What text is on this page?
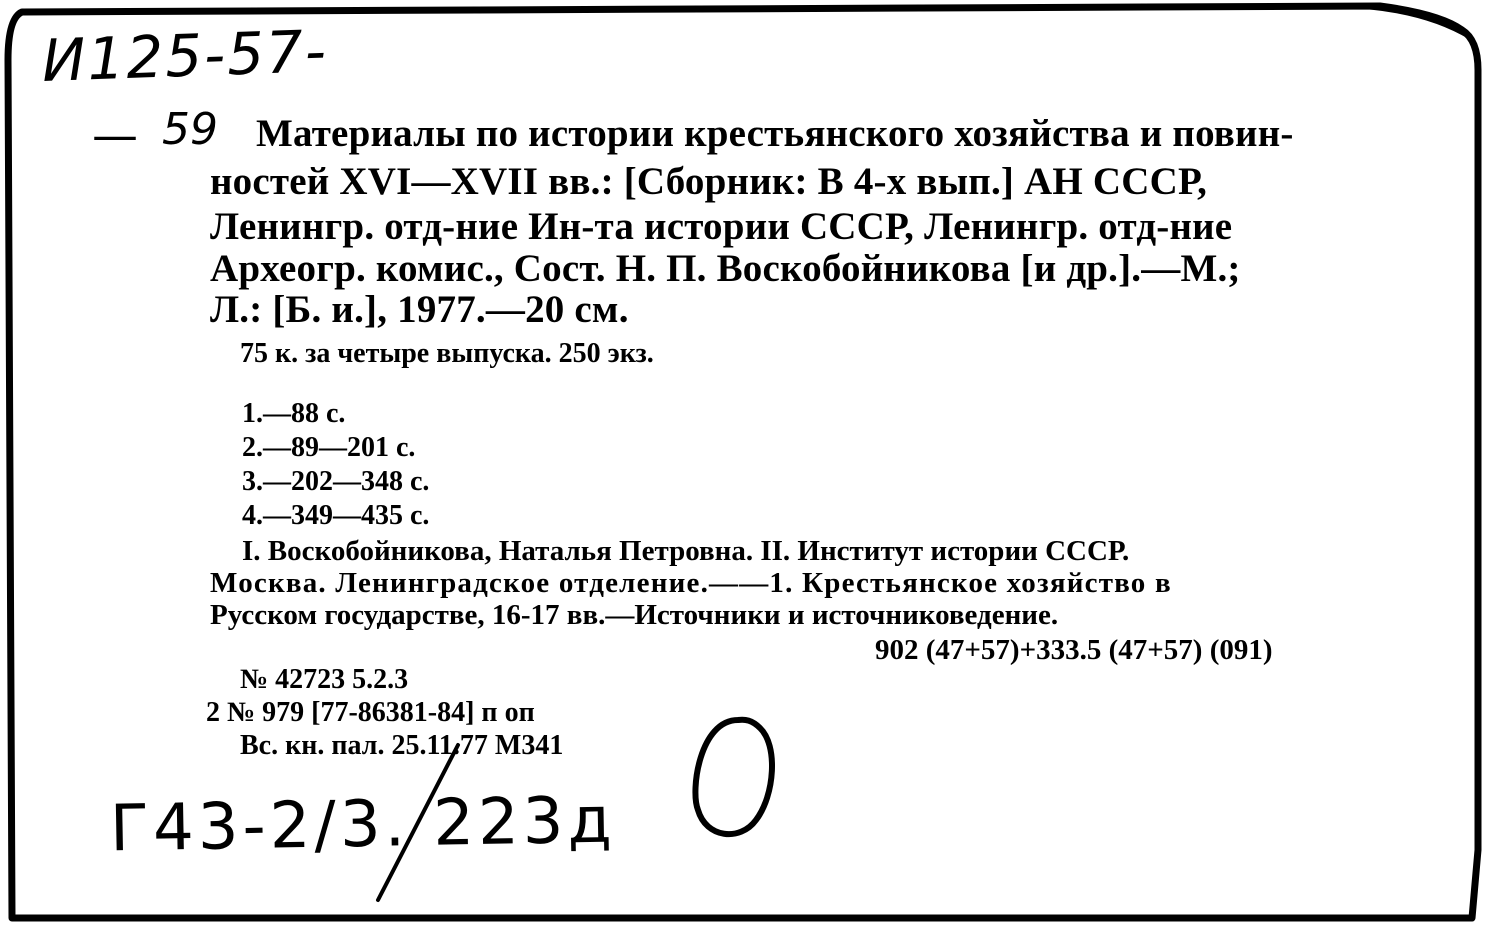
И125-57-
— 59 Материалы по истории крестьянского хозяйства и повин-

ностей XVI—XVII вв.: [Сборник: В 4-х вып.] АН СССР,

Ленингр. отд-ние Ин-та истории СССР, Ленингр. отд-ние

Археогр. комис., Сост. Н. П. Воскобойникова [и др.].—М.;

Л.: [Б. и.], 1977.—20 см.

75 к. за четыре выпуска. 250 экз.

1.—88 с.

2.—89—201 с.

3.—202—348 с.

4.—349—435 с.

I. Воскобойникова, Наталья Петровна. II. Институт истории СССР.

Москва. Ленинградское отделение.——1. Крестьянское хозяйство в

Русском государстве, 16-17 вв.—Источники и источниковедение.

902 (47+57)+333.5 (47+57) (091)

№ 42723 5.2.3

2 № 979 [77-86381-84] п оп

Вс. кн. пал. 25.11.77 М341

Г43-2/3. 223д
